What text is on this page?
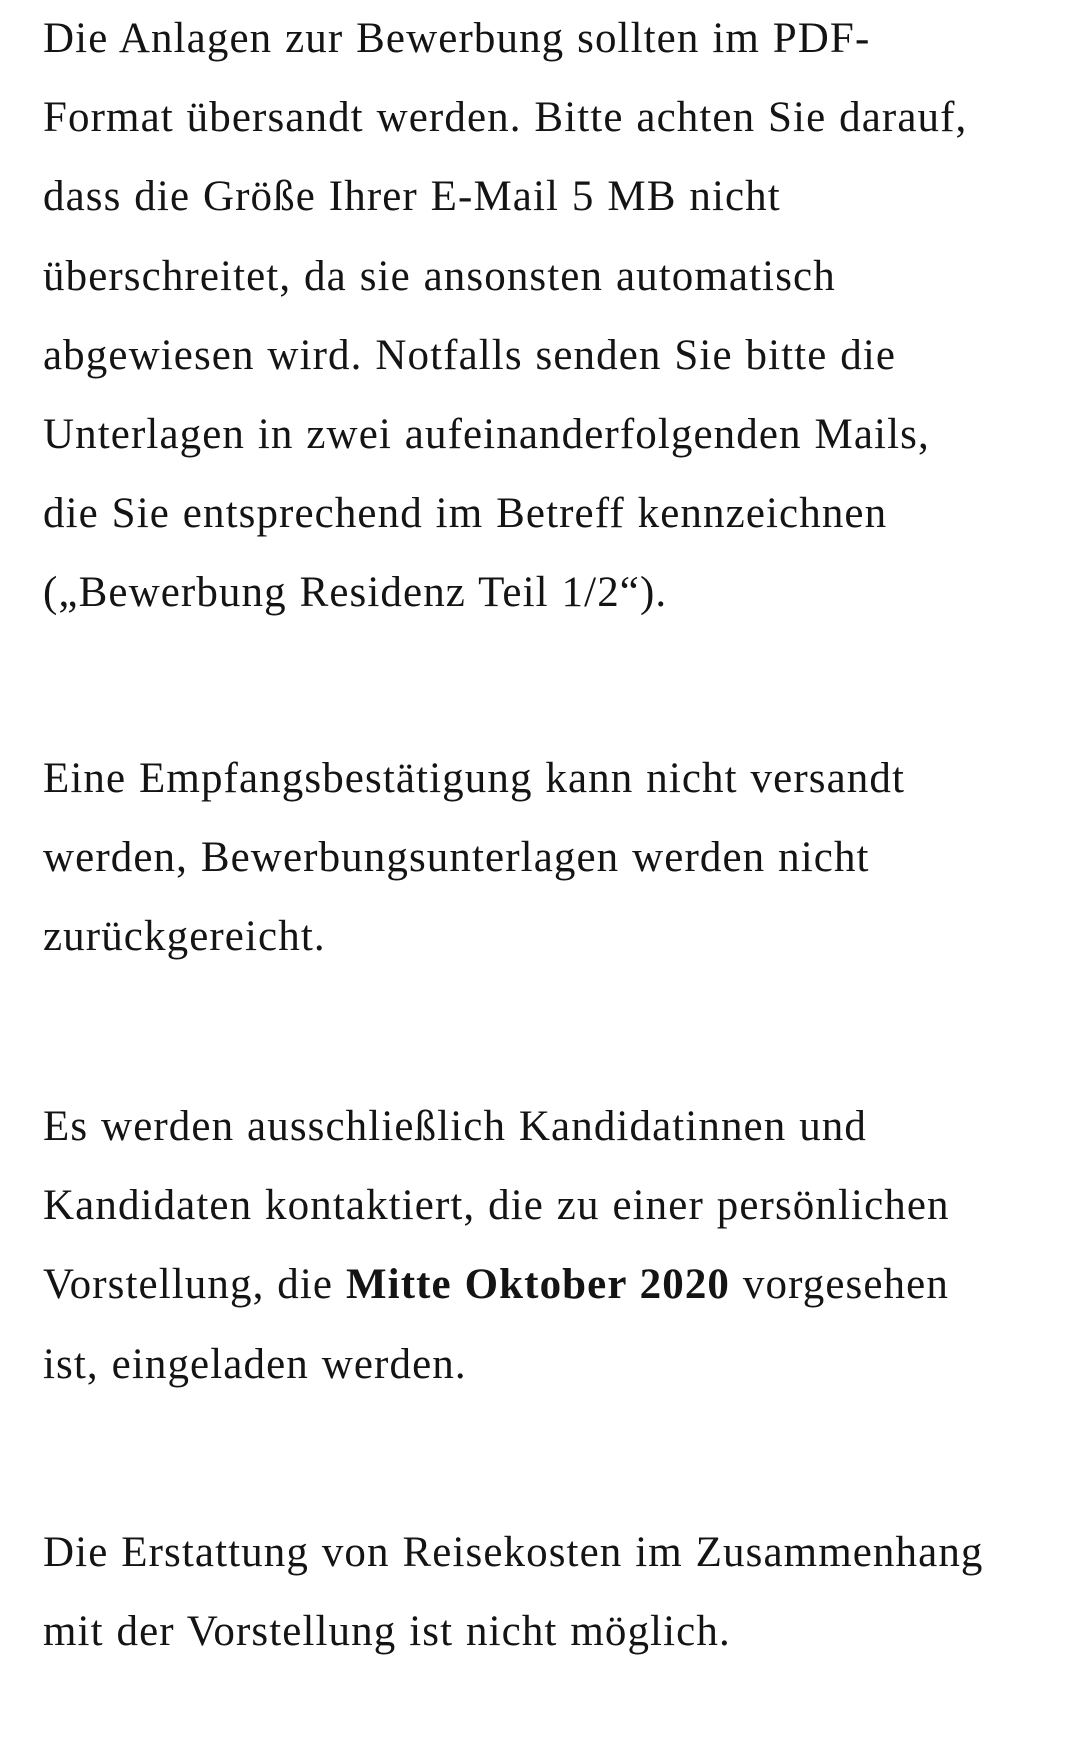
Die Anlagen zur Bewerbung sollten im PDF-
Format übersandt werden. Bitte achten Sie darauf,
dass die Größe Ihrer E-Mail 5 MB nicht
überschreitet, da sie ansonsten automatisch
abgewiesen wird. Notfalls senden Sie bitte die
Unterlagen in zwei aufeinanderfolgenden Mails,
die Sie entsprechend im Betreff kennzeichnen
(„Bewerbung Residenz Teil 1/2“).

Eine Empfangsbestätigung kann nicht versandt
werden, Bewerbungsunterlagen werden nicht
zurückgereicht.

Es werden ausschließlich Kandidatinnen und
Kandidaten kontaktiert, die zu einer persönlichen
Vorstellung, die Mitte Oktober 2020 vorgesehen
ist, eingeladen werden.

Die Erstattung von Reisekosten im Zusammenhang
mit der Vorstellung ist nicht möglich.
